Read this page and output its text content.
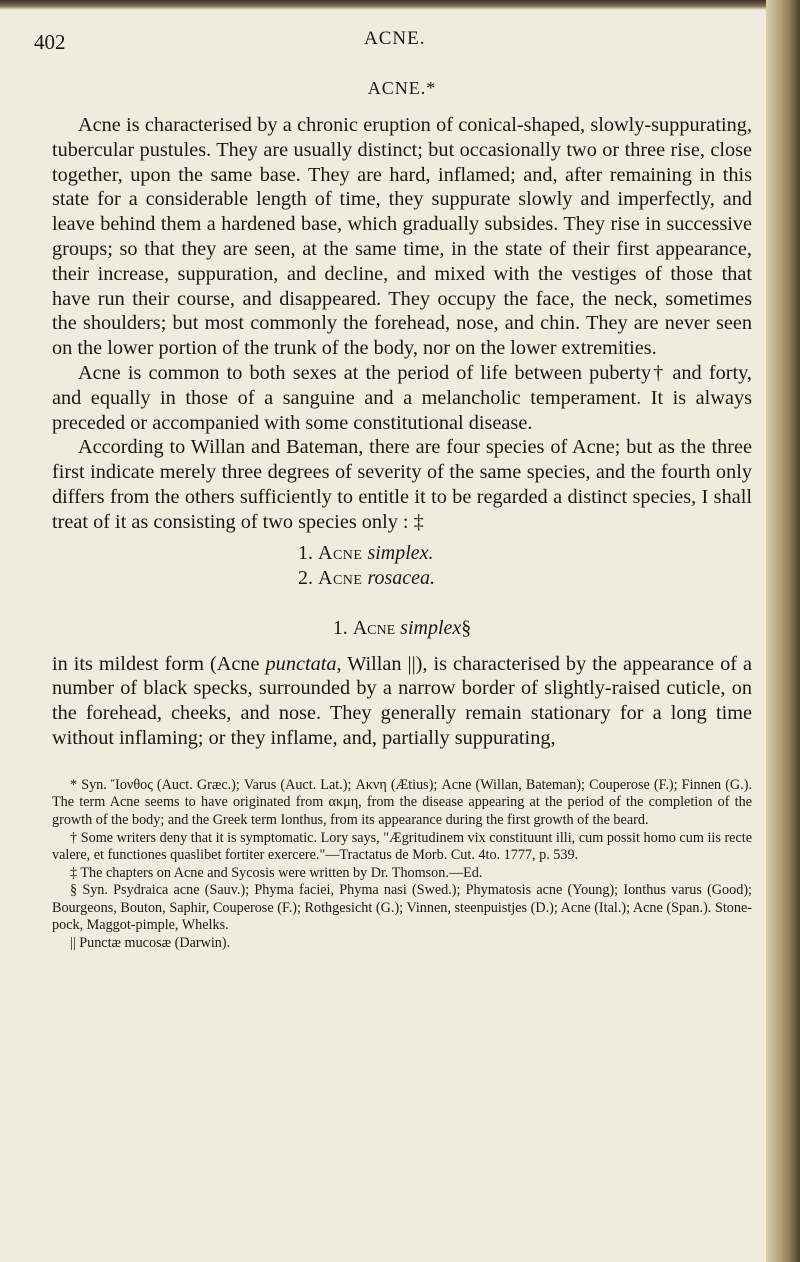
402	ACNE.
ACNE.*

Acne is characterised by a chronic eruption of conical-shaped, slowly-suppurating, tubercular pustules. They are usually distinct; but occasionally two or three rise, close together, upon the same base. They are hard, inflamed; and, after remaining in this state for a considerable length of time, they suppurate slowly and imperfectly, and leave behind them a hardened base, which gradually subsides. They rise in successive groups; so that they are seen, at the same time, in the state of their first appearance, their increase, suppuration, and decline, and mixed with the vestiges of those that have run their course, and disappeared. They occupy the face, the neck, sometimes the shoulders; but most commonly the forehead, nose, and chin. They are never seen on the lower portion of the trunk of the body, nor on the lower extremities.

Acne is common to both sexes at the period of life between puberty† and forty, and equally in those of a sanguine and a melancholic temperament. It is always preceded or accompanied with some constitutional disease.

According to Willan and Bateman, there are four species of Acne; but as the three first indicate merely three degrees of severity of the same species, and the fourth only differs from the others sufficiently to entitle it to be regarded a distinct species, I shall treat of it as consisting of two species only : ‡

1. Acne simplex.
2. Acne rosacea.
1. Acne simplex§

in its mildest form (Acne punctata, Willan ||), is characterised by the appearance of a number of black specks, surrounded by a narrow border of slightly-raised cuticle, on the forehead, cheeks, and nose. They generally remain stationary for a long time without inflaming; or they inflame, and, partially suppurating,

* Syn. Ἴονθος (Auct. Græc.); Varus (Auct. Lat.); Ακνη (Ætius); Acne (Willan, Bateman); Couperose (F.); Finnen (G.). The term Acne seems to have originated from ακμη, from the disease appearing at the period of the completion of the growth of the body; and the Greek term Ionthus, from its appearance during the first growth of the beard.

† Some writers deny that it is symptomatic. Lory says, "Ægritudinem vix constituunt illi, cum possit homo cum iis recte valere, et functiones quaslibet fortiter exercere."—Tractatus de Morb. Cut. 4to. 1777, p. 539.

‡ The chapters on Acne and Sycosis were written by Dr. Thomson.—Ed.

§ Syn. Psydraica acne (Sauv.); Phyma faciei, Phyma nasi (Swed.); Phymatosis acne (Young); Ionthus varus (Good); Bourgeons, Bouton, Saphir, Couperose (F.); Rothgesicht (G.); Vinnen, steenpuistjes (D.); Acne (Ital.); Acne (Span.). Stone-pock, Maggot-pimple, Whelks.

|| Punctæ mucosæ (Darwin).
